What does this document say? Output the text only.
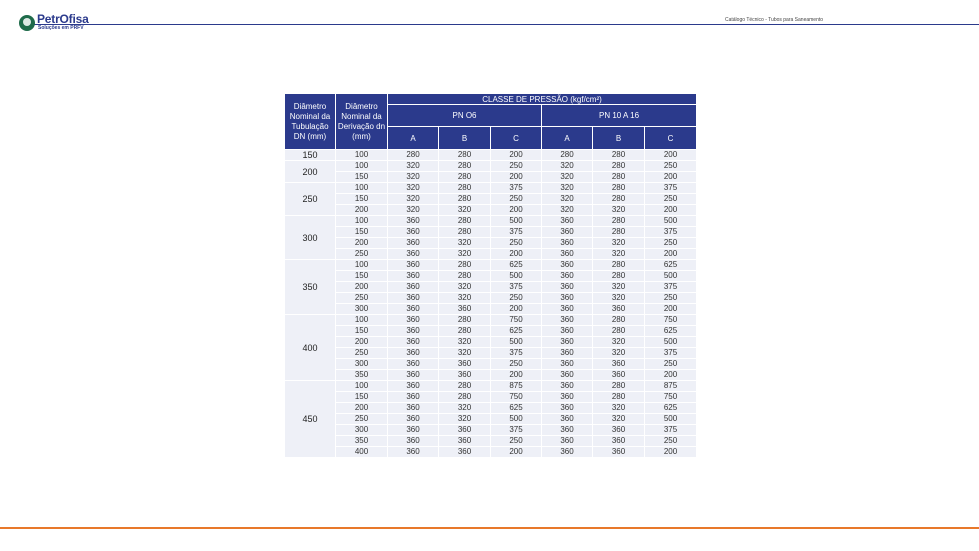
PetrOfisa
Soluções em PRFV
Catálogo Técnico - Tubos para Saneamento
Diâmetro Nominal da Tubulação DN (mm)	Diâmetro Nominal da Derivação dn (mm)	CLASSE DE PRESSÃO (kgf/cm²)					
		PN O6			PN 10 A 16		
		A	B	C	A	B	C
150	100	280	280	200	280	280	200
200	100	320	280	250	320	280	250
	150	320	280	200	320	280	200
250	100	320	280	375	320	280	375
	150	320	280	250	320	280	250
	200	320	320	200	320	320	200
300	100	360	280	500	360	280	500
	150	360	280	375	360	280	375
	200	360	320	250	360	320	250
	250	360	320	200	360	320	200
350	100	360	280	625	360	280	625
	150	360	280	500	360	280	500
	200	360	320	375	360	320	375
	250	360	320	250	360	320	250
	300	360	360	200	360	360	200
400	100	360	280	750	360	280	750
	150	360	280	625	360	280	625
	200	360	320	500	360	320	500
	250	360	320	375	360	320	375
	300	360	360	250	360	360	250
	350	360	360	200	360	360	200
450	100	360	280	875	360	280	875
	150	360	280	750	360	280	750
	200	360	320	625	360	320	625
	250	360	320	500	360	320	500
	300	360	360	375	360	360	375
	350	360	360	250	360	360	250
	400	360	360	200	360	360	200
